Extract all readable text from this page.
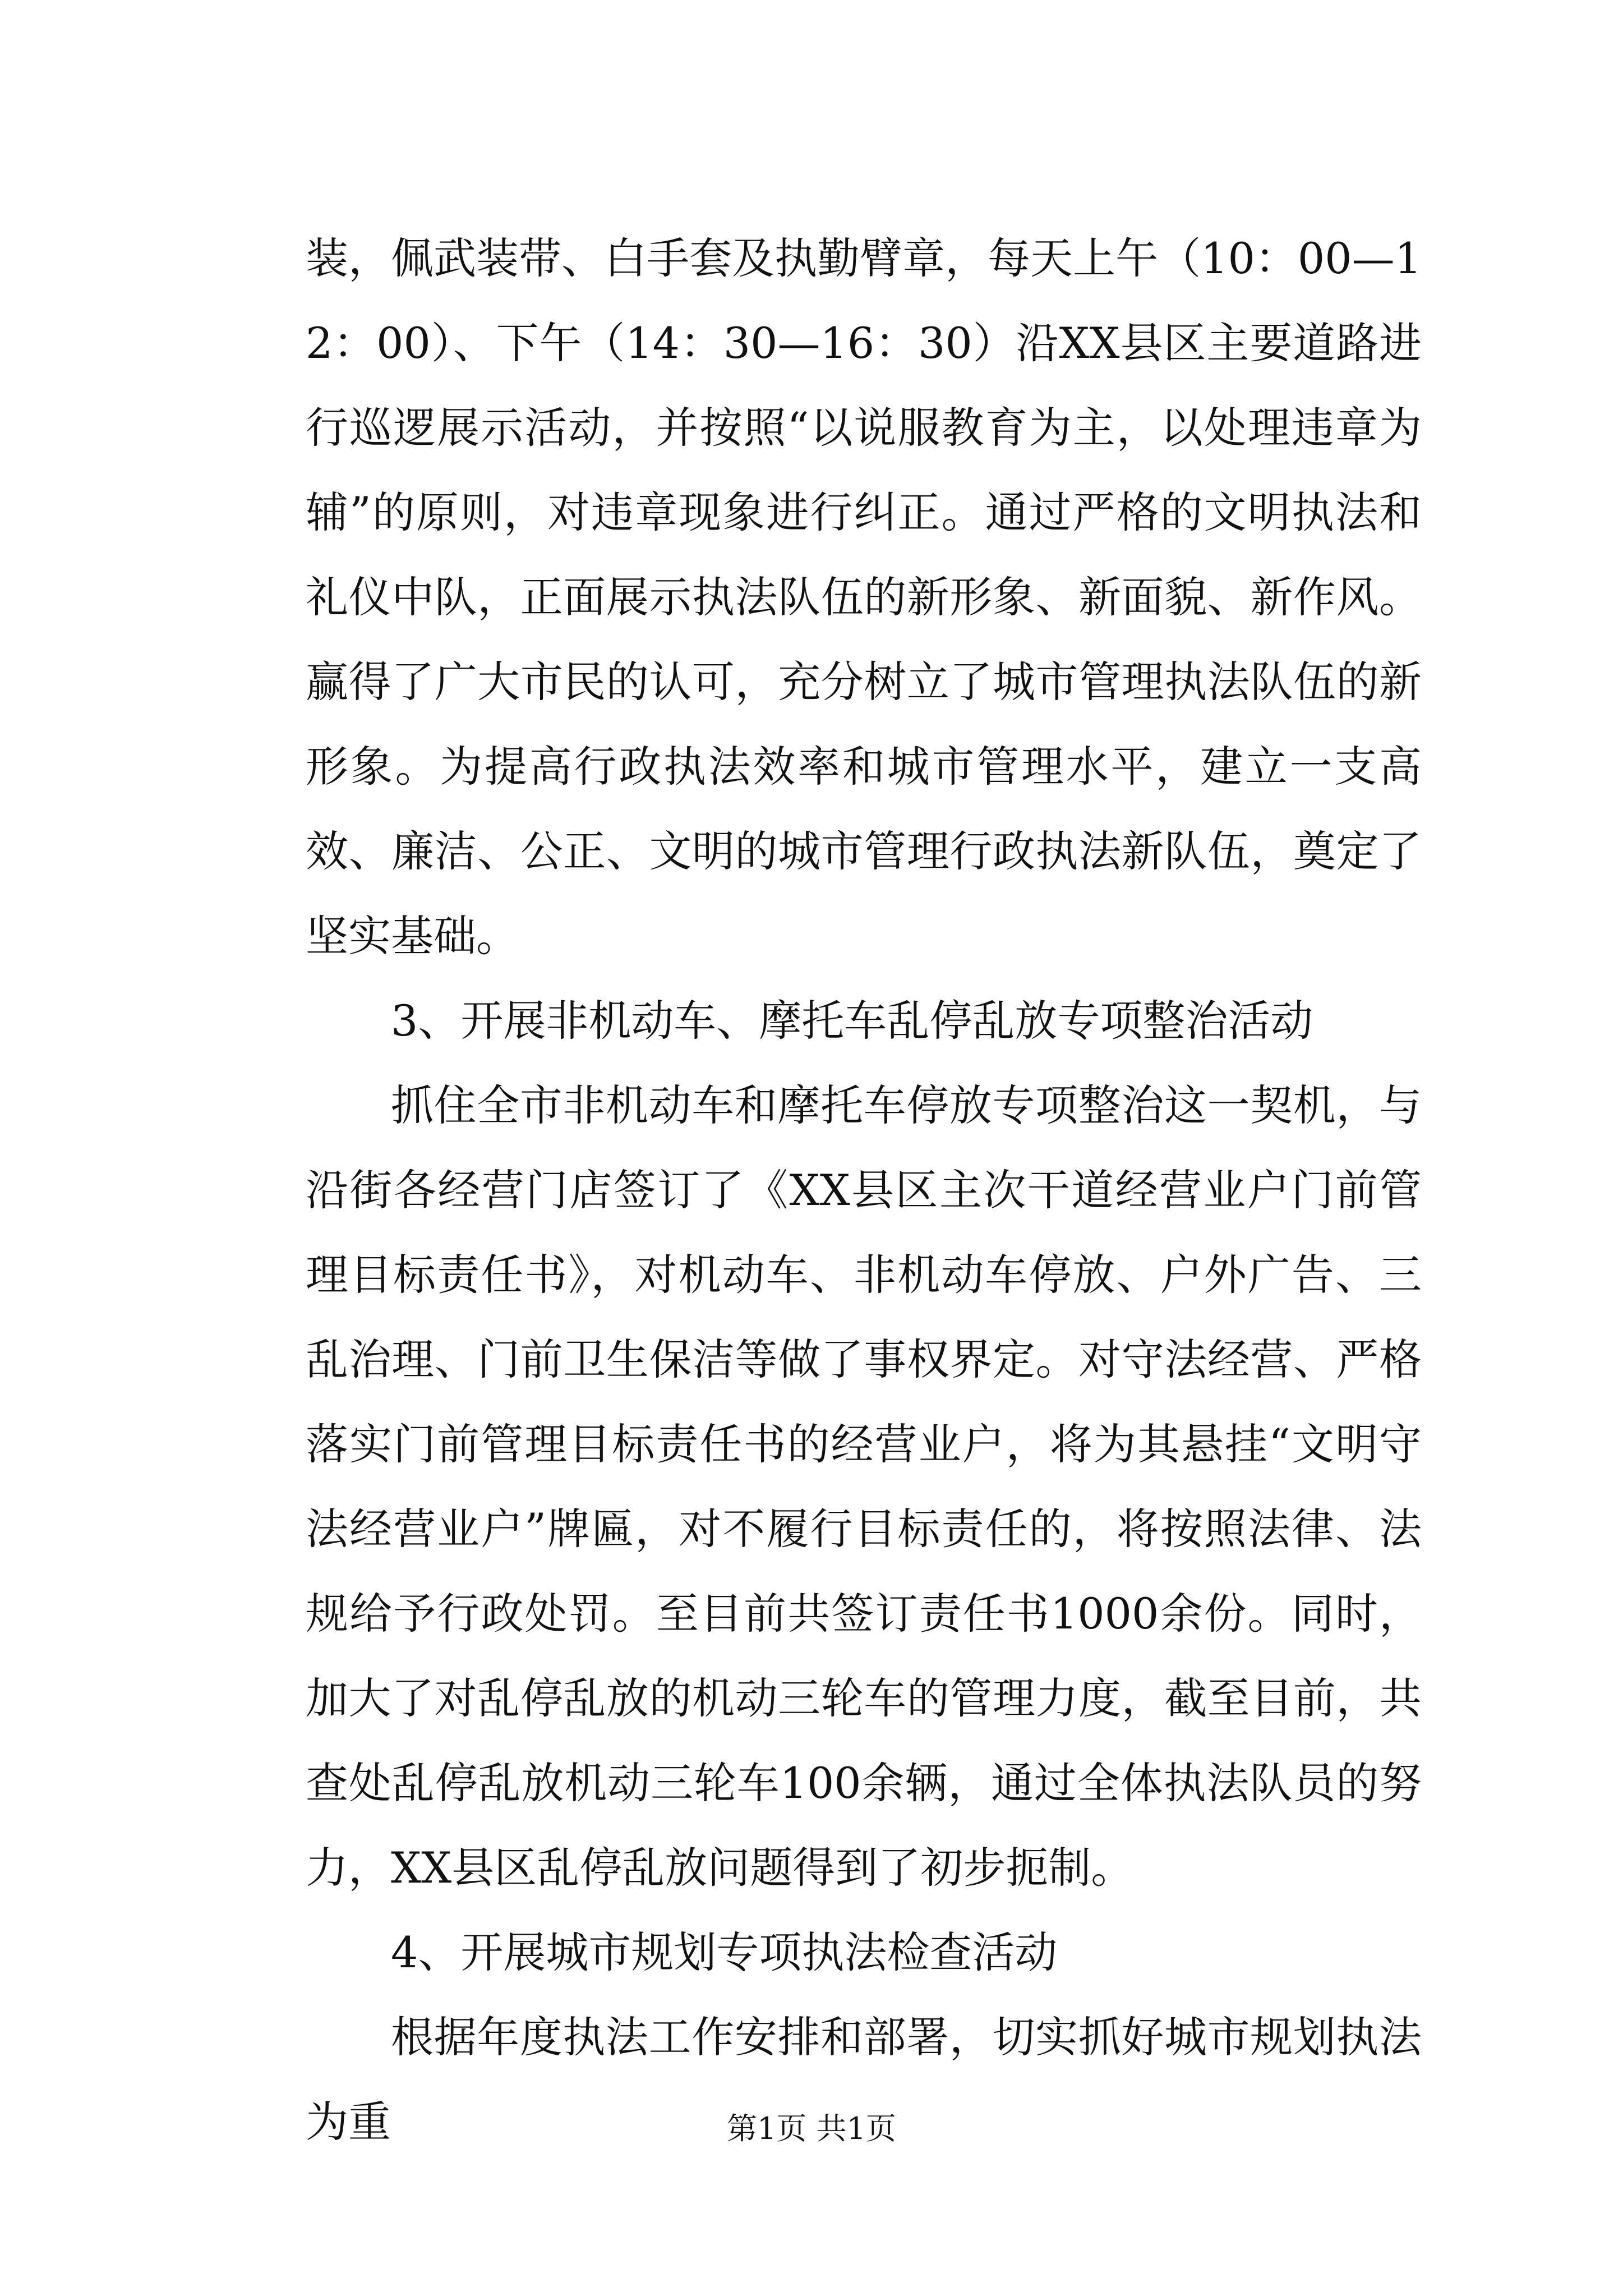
装，佩武装带、白手套及执勤臂章，每天上午（10：00—12：00）、下午（14：30—16：30）沿XX县区主要道路进行巡逻展示活动，并按照“以说服教育为主，以处理违章为辅”的原则，对违章现象进行纠正。通过严格的文明执法和礼仪中队，正面展示执法队伍的新形象、新面貌、新作风。赢得了广大市民的认可，充分树立了城市管理执法队伍的新形象。为提高行政执法效率和城市管理水平，建立一支高效、廉洁、公正、文明的城市管理行政执法新队伍，奠定了坚实基础。

3、开展非机动车、摩托车乱停乱放专项整治活动

抓住全市非机动车和摩托车停放专项整治这一契机，与沿街各经营门店签订了《XX县区主次干道经营业户门前管理目标责任书》，对机动车、非机动车停放、户外广告、三乱治理、门前卫生保洁等做了事权界定。对守法经营、严格落实门前管理目标责任书的经营业户，将为其悬挂“文明守法经营业户”牌匾，对不履行目标责任的，将按照法律、法规给予行政处罚。至目前共签订责任书1000余份。同时，加大了对乱停乱放的机动三轮车的管理力度，截至目前，共查处乱停乱放机动三轮车100余辆，通过全体执法队员的努力，XX县区乱停乱放问题得到了初步扼制。

4、开展城市规划专项执法检查活动

根据年度执法工作安排和部署，切实抓好城市规划执法为重	第1页 共1页
